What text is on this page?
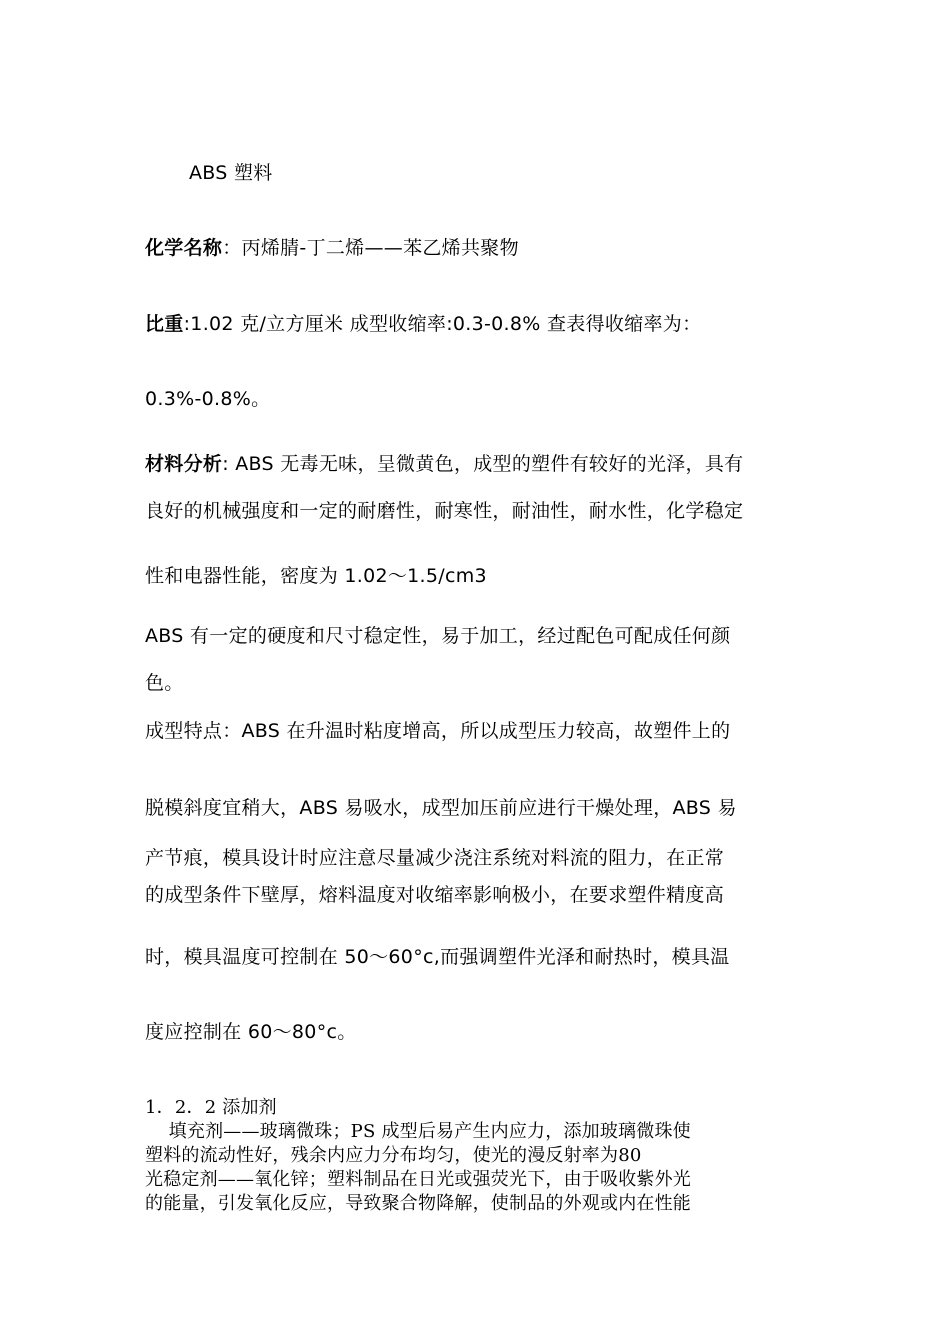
ABS 塑料
化学名称：丙烯腈-丁二烯——苯乙烯共聚物
比重:1.02 克/立方厘米 成型收缩率:0.3-0.8% 查表得收缩率为：
0.3%-0.8%。
材料分析: ABS 无毒无味，呈微黄色，成型的塑件有较好的光泽，具有
良好的机械强度和一定的耐磨性，耐寒性，耐油性，耐水性，化学稳定
性和电器性能，密度为 1.02～1.5/cm3
ABS 有一定的硬度和尺寸稳定性，易于加工，经过配色可配成任何颜
色。
成型特点：ABS 在升温时粘度增高，所以成型压力较高，故塑件上的
脱模斜度宜稍大，ABS 易吸水，成型加压前应进行干燥处理，ABS 易
产节痕，模具设计时应注意尽量减少浇注系统对料流的阻力，在正常
的成型条件下壁厚，熔料温度对收缩率影响极小，在要求塑件精度高
时，模具温度可控制在 50～60°c,而强调塑件光泽和耐热时，模具温
度应控制在 60～80°c。
1．2．2 添加剂
填充剂——玻璃微珠；PS 成型后易产生内应力，添加玻璃微珠使
塑料的流动性好，残余内应力分布均匀，使光的漫反射率为80
光稳定剂——氧化锌；塑料制品在日光或强荧光下，由于吸收紫外光
的能量，引发氧化反应，导致聚合物降解，使制品的外观或内在性能
